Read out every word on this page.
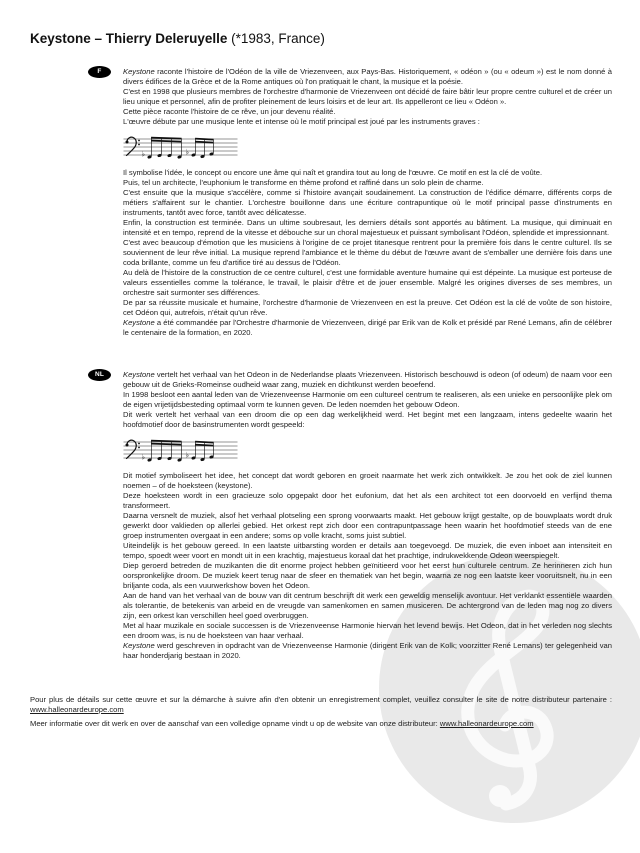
Keystone – Thierry Deleruyelle (*1983, France)
F	Keystone raconte l'histoire de l'Odéon de la ville de Vriezenveen, aux Pays-Bas. Historiquement, « odéon » (ou « odeum ») est le nom donné à divers édifices de la Grèce et de la Rome antiques où l'on pratiquait le chant, la musique et la poésie.

C'est en 1998 que plusieurs membres de l'orchestre d'harmonie de Vriezenveen ont décidé de faire bâtir leur propre centre culturel et de créer un lieu unique et personnel, afin de profiter pleinement de leurs loisirs et de leur art. Ils appelleront ce lieu « Odéon ».

Cette pièce raconte l'histoire de ce rêve, un jour devenu réalité.

L'œuvre débute par une musique lente et intense où le motif principal est joué par les instruments graves :

Il symbolise l'idée, le concept ou encore une âme qui naît et grandira tout au long de l'œuvre. Ce motif en est la clé de voûte.

Puis, tel un architecte, l'euphonium le transforme en thème profond et raffiné dans un solo plein de charme.

C'est ensuite que la musique s'accélère, comme si l'histoire avançait soudainement. La construction de l'édifice démarre, différents corps de métiers s'affairent sur le chantier. L'orchestre bouillonne dans une écriture contrapuntique où le motif principal passe d'instruments en instruments, tantôt avec force, tantôt avec délicatesse.

Enfin, la construction est terminée. Dans un ultime soubresaut, les derniers détails sont apportés au bâtiment. La musique, qui diminuait en intensité et en tempo, reprend de la vitesse et débouche sur un choral majestueux et puissant symbolisant l'Odéon, splendide et impressionnant.

C'est avec beaucoup d'émotion que les musiciens à l'origine de ce projet titanesque rentrent pour la première fois dans le centre culturel. Ils se souviennent de leur rêve initial. La musique reprend l'ambiance et le thème du début de l'œuvre avant de s'emballer une dernière fois dans une coda brillante, comme un feu d'artifice tiré au dessus de l'Odéon.

Au delà de l'histoire de la construction de ce centre culturel, c'est une formidable aventure humaine qui est dépeinte. La musique est porteuse de valeurs essentielles comme la tolérance, le travail, le plaisir d'être et de jouer ensemble. Malgré les origines diverses de ses membres, un orchestre sait surmonter ses différences.

De par sa réussite musicale et humaine, l'orchestre d'harmonie de Vriezenveen en est la preuve. Cet Odéon est la clé de voûte de son histoire, cet Odéon qui, autrefois, n'était qu'un rêve.

Keystone a été commandée par l'Orchestre d'harmonie de Vriezenveen, dirigé par Erik van de Kolk et présidé par René Lemans, afin de célébrer le centenaire de la formation, en 2020.

NL	Keystone vertelt het verhaal van het Odeon in de Nederlandse plaats Vriezenveen. Historisch beschouwd is odeon (of odeum) de naam voor een gebouw uit de Grieks-Romeinse oudheid waar zang, muziek en dichtkunst werden beoefend.

In 1998 besloot een aantal leden van de Vriezenveense Harmonie om een cultureel centrum te realiseren, als een unieke en persoonlijke plek om de eigen vrijetijdsbesteding optimaal vorm te kunnen geven. De leden noemden het gebouw Odeon.

Dit werk vertelt het verhaal van een droom die op een dag werkelijkheid werd. Het begint met een langzaam, intens gedeelte waarin het hoofdmotief door de basinstrumenten wordt gespeeld:

Dit motief symboliseert het idee, het concept dat wordt geboren en groeit naarmate het werk zich ontwikkelt. Je zou het ook de ziel kunnen noemen – of de hoeksteen (keystone).

Deze hoeksteen wordt in een gracieuze solo opgepakt door het eufonium, dat het als een architect tot een doorvoeld en verfijnd thema transformeert.

Daarna versnelt de muziek, alsof het verhaal plotseling een sprong voorwaarts maakt. Het gebouw krijgt gestalte, op de bouwplaats wordt druk gewerkt door vaklieden op allerlei gebied. Het orkest rept zich door een contrapuntpassage heen waarin het hoofdmotief steeds van de ene groep instrumenten overgaat in een andere; soms op volle kracht, soms juist subtiel.

Uiteindelijk is het gebouw gereed. In een laatste uitbarsting worden er details aan toegevoegd. De muziek, die even inboet aan intensiteit en tempo, spoedt weer voort en mondt uit in een krachtig, majestueus koraal dat het prachtige, indrukwekkende Odeon weerspiegelt.

Diep geroerd betreden de muzikanten die dit enorme project hebben geïnitieerd voor het eerst hun culturele centrum. Ze herinneren zich hun oorspronkelijke droom. De muziek keert terug naar de sfeer en thematiek van het begin, waarna ze nog een laatste keer vooruitsnelt, nu in een briljante coda, als een vuurwerkshow boven het Odeon.

Aan de hand van het verhaal van de bouw van dit centrum beschrijft dit werk een geweldig menselijk avontuur. Het verklankt essentiële waarden als tolerantie, de betekenis van arbeid en de vreugde van samenkomen en samen musiceren. De achtergrond van de leden mag nog zo divers zijn, een orkest kan verschillen heel goed overbruggen.

Met al haar muzikale en sociale successen is de Vriezenveense Harmonie hiervan het levend bewijs. Het Odeon, dat in het verleden nog slechts een droom was, is nu de hoeksteen van haar verhaal.

Keystone werd geschreven in opdracht van de Vriezenveense Harmonie (dirigent Erik van de Kolk; voorzitter René Lemans) ter gelegenheid van haar honderdjarig bestaan in 2020.

Pour plus de détails sur cette œuvre et sur la démarche à suivre afin d'en obtenir un enregistrement complet, veuillez consulter le site de notre distributeur partenaire : www.halleonardeurope.com

Meer informatie over dit werk en over de aanschaf van een volledige opname vindt u op de website van onze distributeur: www.halleonardeurope.com
